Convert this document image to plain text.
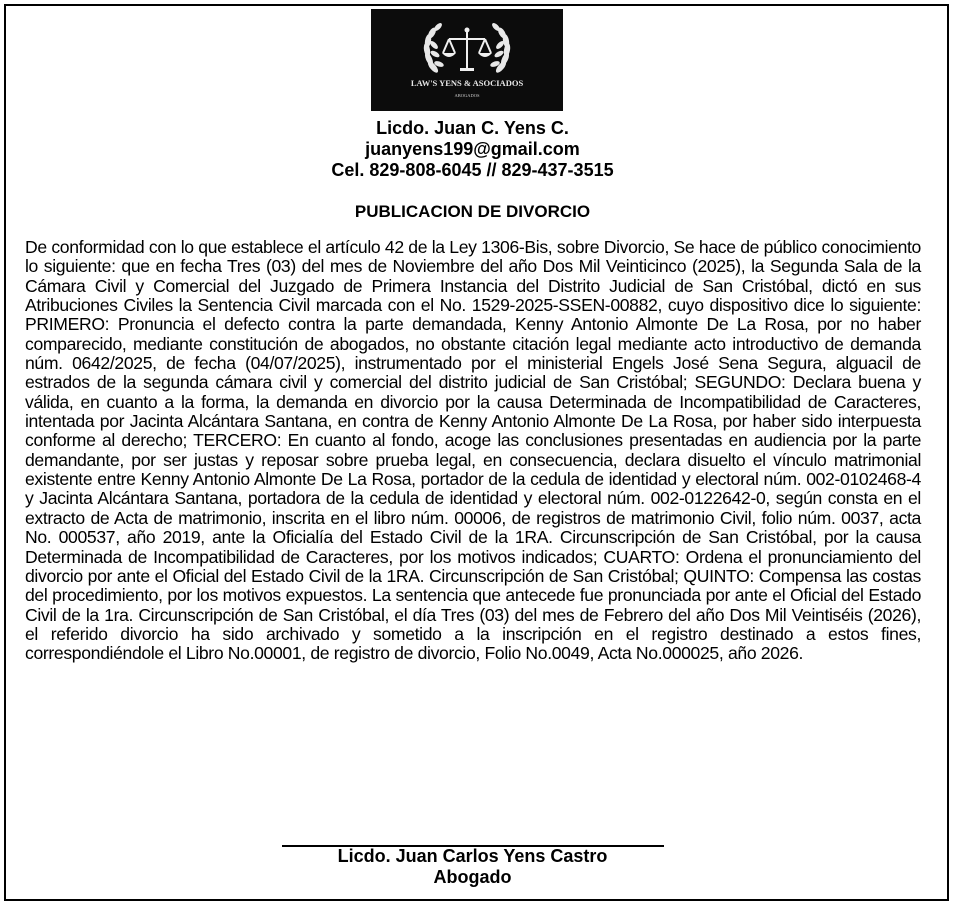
LAW'S YENS & ASOCIADOS
ABOGADOS
Licdo. Juan C. Yens C.
juanyens199@gmail.com
Cel. 829-808-6045 // 829-437-3515
PUBLICACION DE DIVORCIO

De conformidad con lo que establece el artículo 42 de la Ley 1306-Bis, sobre Divorcio, Se hace de público conocimiento lo siguiente: que en fecha Tres (03) del mes de Noviembre del año Dos Mil Veinticinco (2025), la Segunda Sala de la Cámara Civil y Comercial del Juzgado de Primera Instancia del Distrito Judicial de San Cristóbal, dictó en sus Atribuciones Civiles la Sentencia Civil marcada con el No. 1529-2025-SSEN-00882, cuyo dispositivo dice lo siguiente: PRIMERO: Pronuncia el defecto contra la parte demandada, Kenny Antonio Almonte De La Rosa, por no haber comparecido, mediante constitución de abogados, no obstante citación legal mediante acto introductivo de demanda núm. 0642/2025, de fecha (04/07/2025), instrumentado por el ministerial Engels José Sena Segura, alguacil de estrados de la segunda cámara civil y comercial del distrito judicial de San Cristóbal; SEGUNDO: Declara buena y válida, en cuanto a la forma, la demanda en divorcio por la causa Determinada de Incompatibilidad de Caracteres, intentada por Jacinta Alcántara Santana, en contra de Kenny Antonio Almonte De La Rosa, por haber sido interpuesta conforme al derecho; TERCERO: En cuanto al fondo, acoge las conclusiones presentadas en audiencia por la parte demandante, por ser justas y reposar sobre prueba legal, en consecuencia, declara disuelto el vínculo matrimonial existente entre Kenny Antonio Almonte De La Rosa, portador de la cedula de identidad y electoral núm. 002-0102468-4 y Jacinta Alcántara Santana, portadora de la cedula de identidad y electoral núm. 002-0122642-0, según consta en el extracto de Acta de matrimonio, inscrita en el libro núm. 00006, de registros de matrimonio Civil, folio núm. 0037, acta No. 000537, año 2019, ante la Oficialía del Estado Civil de la 1RA. Circunscripción de San Cristóbal, por la causa Determinada de Incompatibilidad de Caracteres, por los motivos indicados; CUARTO: Ordena el pronunciamiento del divorcio por ante el Oficial del Estado Civil de la 1RA. Circunscripción de San Cristóbal; QUINTO: Compensa las costas del procedimiento, por los motivos expuestos. La sentencia que antecede fue pronunciada por ante el Oficial del Estado Civil de la 1ra. Circunscripción de San Cristóbal, el día Tres (03) del mes de Febrero del año Dos Mil Veintiséis (2026), el referido divorcio ha sido archivado y sometido a la inscripción en el registro destinado a estos fines, correspondiéndole el Libro No.00001, de registro de divorcio, Folio No.0049, Acta No.000025, año 2026.

Licdo. Juan Carlos Yens Castro
Abogado
